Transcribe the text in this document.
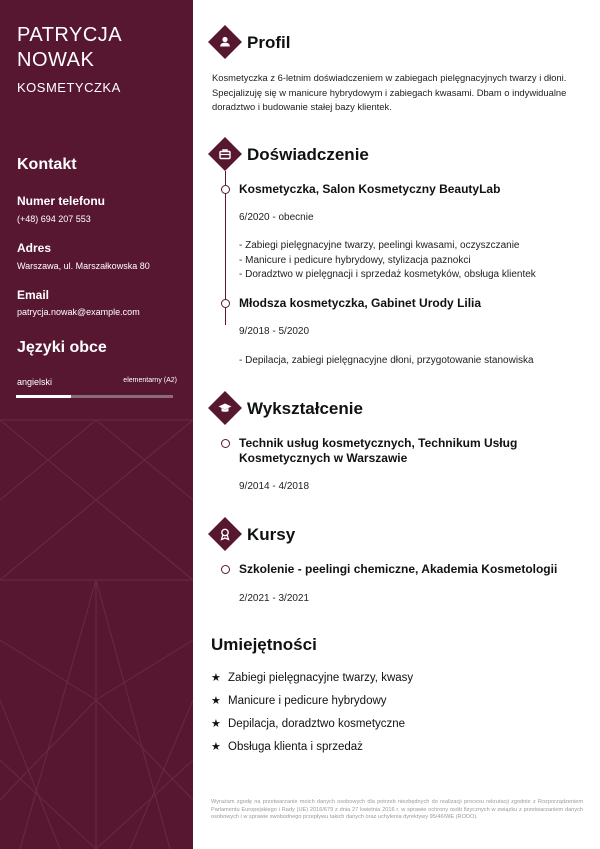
PATRYCJA NOWAK
KOSMETYCZKA
Kontakt
Numer telefonu
(+48) 694 207 553
Adres
Warszawa, ul. Marszałkowska 80
Email
patrycja.nowak@example.com
Języki obce
angielski	elementarny (A2)
Profil
Kosmetyczka z 6-letnim doświadczeniem w zabiegach pielęgnacyjnych twarzy i dłoni. Specjalizuję się w manicure hybrydowym i zabiegach kwasami. Dbam o indywidualne doradztwo i budowanie stałej bazy klientek.
Doświadczenie
Kosmetyczka, Salon Kosmetyczny BeautyLab
6/2020 - obecnie
- Zabiegi pielęgnacyjne twarzy, peelingi kwasami, oczyszczanie
- Manicure i pedicure hybrydowy, stylizacja paznokci
- Doradztwo w pielęgnacji i sprzedaż kosmetyków, obsługa klientek
Młodsza kosmetyczka, Gabinet Urody Lilia
9/2018 - 5/2020
- Depilacja, zabiegi pielęgnacyjne dłoni, przygotowanie stanowiska
Wykształcenie
Technik usług kosmetycznych, Technikum Usług
Kosmetycznych w Warszawie
9/2014 - 4/2018
Kursy
Szkolenie - peelingi chemiczne, Akademia Kosmetologii
2/2021 - 3/2021
Umiejętności
★ Zabiegi pielęgnacyjne twarzy, kwasy
★ Manicure i pedicure hybrydowy
★ Depilacja, doradztwo kosmetyczne
★ Obsługa klienta i sprzedaż
Wyrażam zgodę na przetwarzanie moich danych osobowych dla potrzeb niezbędnych do realizacji procesu rekrutacji zgodnie z Rozporządzeniem Parlamentu Europejskiego i Rady (UE) 2016/679 z dnia 27 kwietnia 2016 r. w sprawie ochrony osób fizycznych w związku z przetwarzaniem danych osobowych i w sprawie swobodnego przepływu takich danych oraz uchylenia dyrektywy 95/46/WE (RODO).
